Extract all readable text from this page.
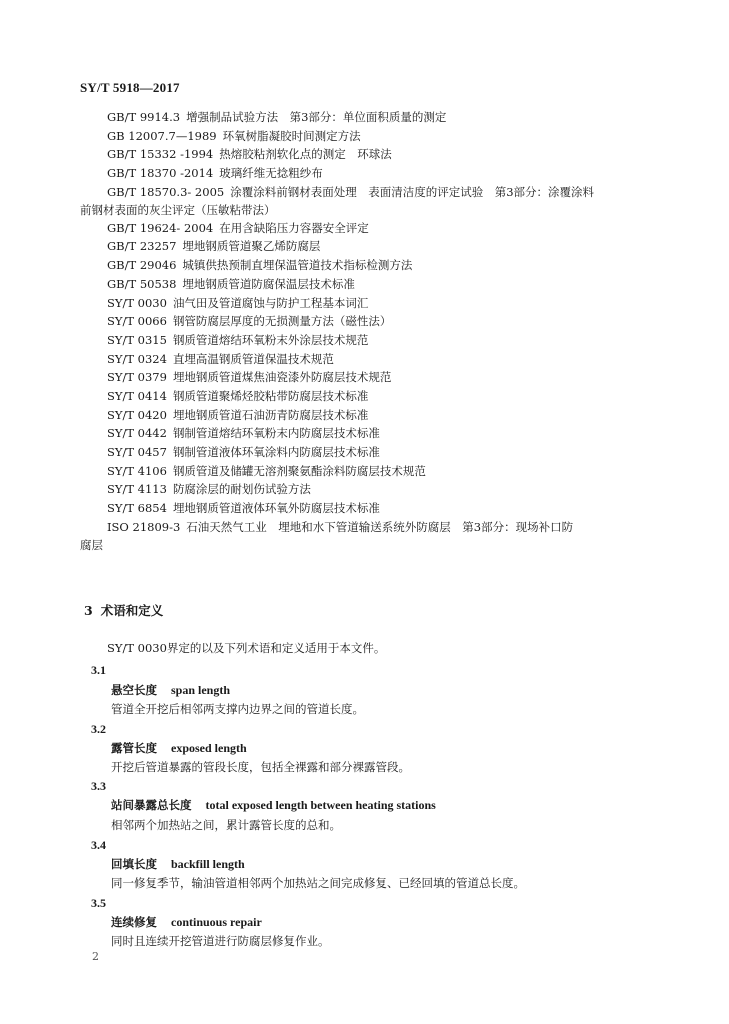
SY/T 5918—2017
GB/T 9914.3 增强制品试验方法　第3部分：单位面积质量的测定
GB 12007.7—1989 环氧树脂凝胶时间测定方法
GB/T 15332 -1994 热熔胶粘剂软化点的测定　环球法
GB/T 18370 -2014 玻璃纤维无捻粗纱布
GB/T 18570.3- 2005 涂覆涂料前钢材表面处理　表面清洁度的评定试验　第3部分：涂覆涂料
前钢材表面的灰尘评定（压敏粘带法）
GB/T 19624- 2004 在用含缺陷压力容器安全评定
GB/T 23257 埋地钢质管道聚乙烯防腐层
GB/T 29046 城镇供热预制直埋保温管道技术指标检测方法
GB/T 50538 埋地钢质管道防腐保温层技术标准
SY/T 0030 油气田及管道腐蚀与防护工程基本词汇
SY/T 0066 钢管防腐层厚度的无损测量方法（磁性法）
SY/T 0315 钢质管道熔结环氧粉末外涂层技术规范
SY/T 0324 直埋高温钢质管道保温技术规范
SY/T 0379 埋地钢质管道煤焦油瓷漆外防腐层技术规范
SY/T 0414 钢质管道聚烯烃胶粘带防腐层技术标准
SY/T 0420 埋地钢质管道石油沥青防腐层技术标准
SY/T 0442 钢制管道熔结环氧粉末内防腐层技术标准
SY/T 0457 钢制管道液体环氧涂料内防腐层技术标准
SY/T 4106 钢质管道及储罐无溶剂聚氨酯涂料防腐层技术规范
SY/T 4113 防腐涂层的耐划伤试验方法
SY/T 6854 埋地钢质管道液体环氧外防腐层技术标准
ISO 21809-3 石油天然气工业　埋地和水下管道输送系统外防腐层　第3部分：现场补口防
腐层
3 术语和定义
SY/T 0030界定的以及下列术语和定义适用于本文件。
3.1
悬空长度 span length
管道全开挖后相邻两支撑内边界之间的管道长度。
3.2
露管长度 exposed length
开挖后管道暴露的管段长度，包括全裸露和部分裸露管段。
3.3
站间暴露总长度 total exposed length between heating stations
相邻两个加热站之间，累计露管长度的总和。
3.4
回填长度 backfill length
同一修复季节，输油管道相邻两个加热站之间完成修复、已经回填的管道总长度。
3.5
连续修复 continuous repair
同时且连续开挖管道进行防腐层修复作业。
2
